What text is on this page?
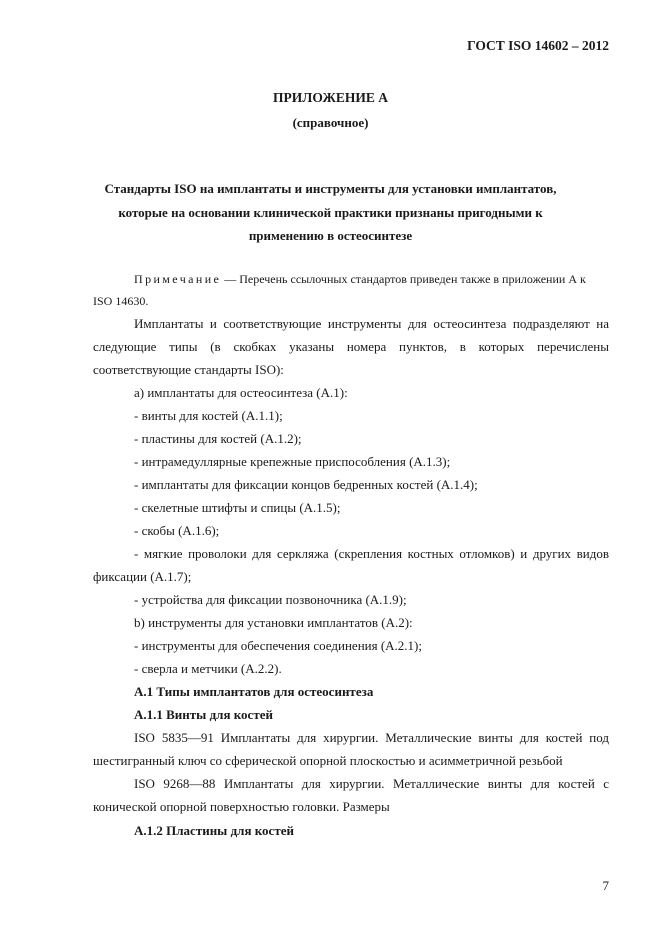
ГОСТ ISO 14602 – 2012
ПРИЛОЖЕНИЕ А
(справочное)
Стандарты ISO на имплантаты и инструменты для установки имплантатов,
которые на основании клинической практики признаны пригодными к
применению в остеосинтезе
Примечание — Перечень ссылочных стандартов приведен также в приложении А к
ISO 14630.
Имплантаты и соответствующие инструменты для остеосинтеза подразделяют на
следующие типы (в скобках указаны номера пунктов, в которых перечислены
соответствующие стандарты ISO):
а) имплантаты для остеосинтеза (А.1):
- винты для костей (А.1.1);
- пластины для костей (А.1.2);
- интрамедуллярные крепежные приспособления (А.1.3);
- имплантаты для фиксации концов бедренных костей (А.1.4);
- скелетные штифты и спицы (А.1.5);
- скобы (А.1.6);
- мягкие проволоки для серкляжа (скрепления костных отломков) и других видов
фиксации (А.1.7);
- устройства для фиксации позвоночника (А.1.9);
b) инструменты для установки имплантатов (А.2):
- инструменты для обеспечения соединения (А.2.1);
- сверла и метчики (А.2.2).
А.1 Типы имплантатов для остеосинтеза
А.1.1 Винты для костей
ISO 5835—91 Имплантаты для хирургии. Металлические винты для костей под
шестигранный ключ со сферической опорной плоскостью и асимметричной резьбой
ISO 9268—88 Имплантаты для хирургии. Металлические винты для костей с
конической опорной поверхностью головки. Размеры
А.1.2 Пластины для костей
7
